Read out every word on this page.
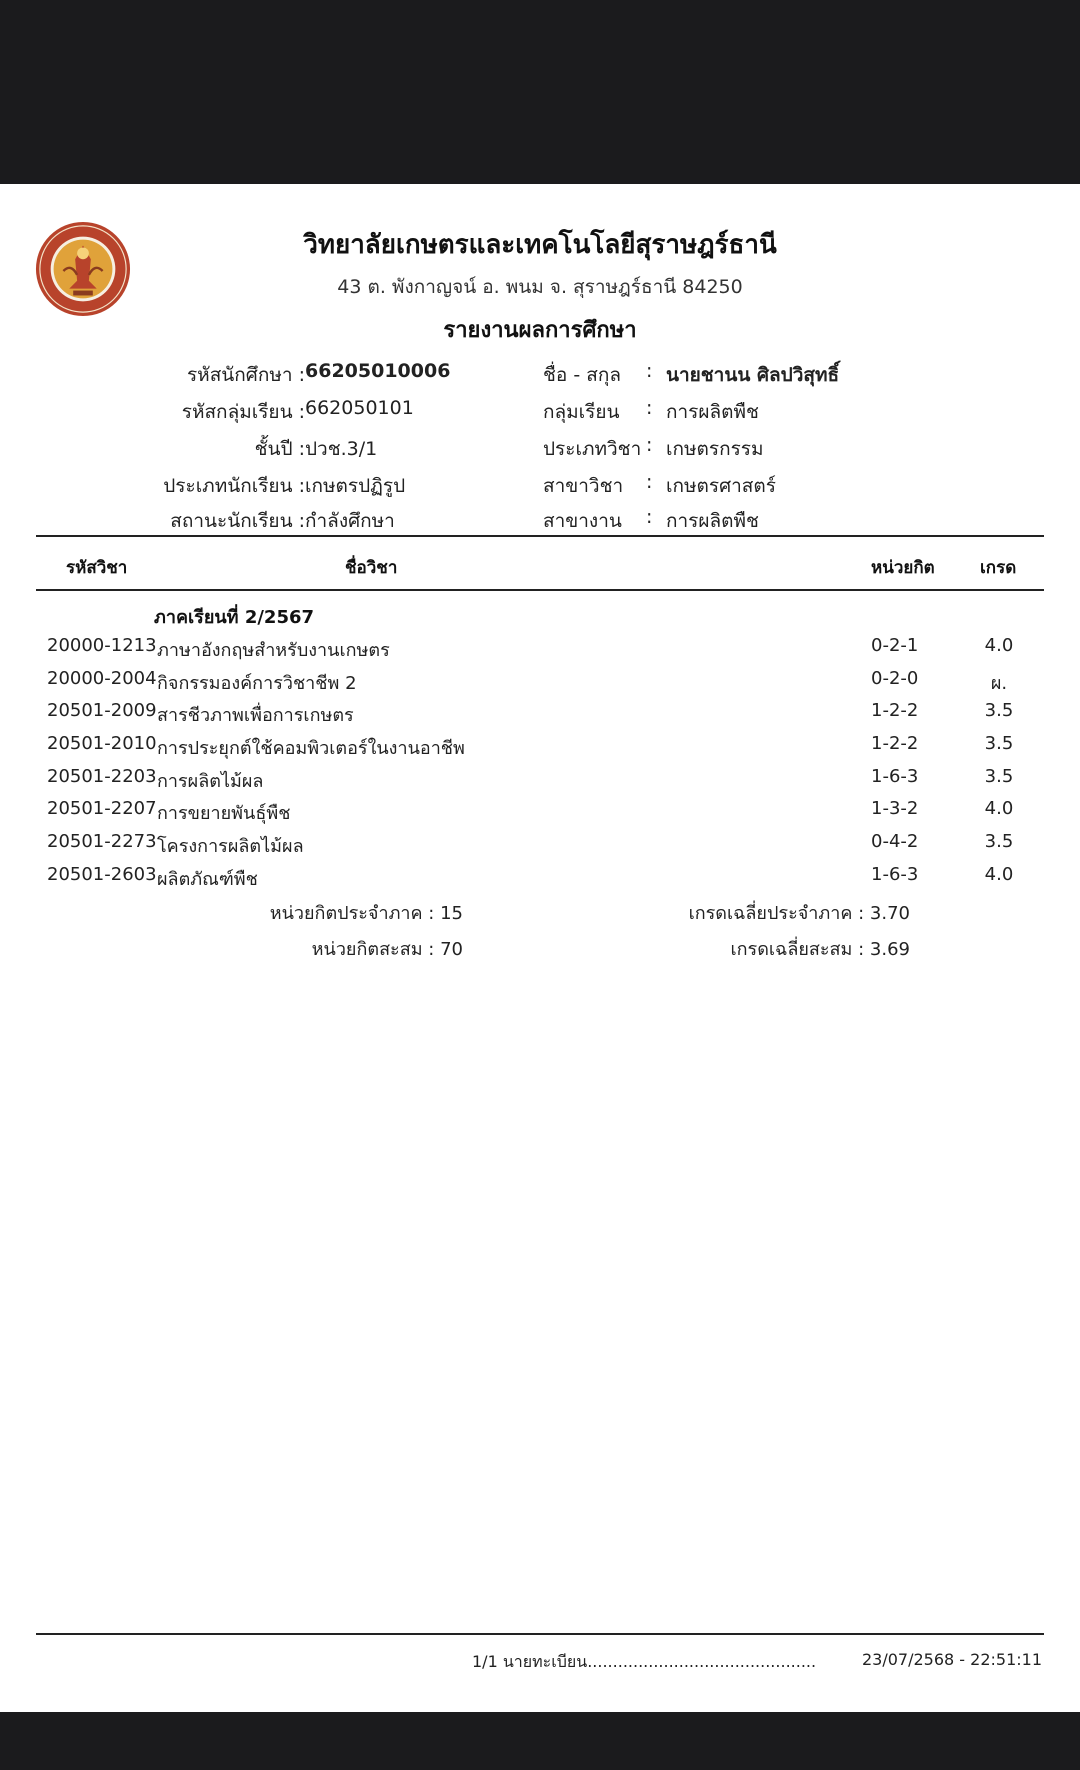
วิทยาลัยเกษตรและเทคโนโลยีสุราษฎร์ธานี
43 ต. พังกาญจน์ อ. พนม จ. สุราษฎร์ธานี 84250
รายงานผลการศึกษา
รหัสนักศึกษา : 66205010006
รหัสกลุ่มเรียน : 662050101
ชั้นปี : ปวช.3/1
ประเภทนักเรียน : เกษตรปฏิรูป
สถานะนักเรียน : กำลังศึกษา
ชื่อ - สกุล : นายชานน ศิลปวิสุทธิ์
กลุ่มเรียน : การผลิตพืช
ประเภทวิชา : เกษตรกรรม
สาขาวิชา : เกษตรศาสตร์
สาขางาน : การผลิตพืช
รหัสวิชา	ชื่อวิชา	หน่วยกิต	เกรด
ภาคเรียนที่ 2/2567
20000-1213 ภาษาอังกฤษสำหรับงานเกษตร	0-2-1	4.0
20000-2004 กิจกรรมองค์การวิชาชีพ 2	0-2-0	ผ.
20501-2009 สารชีวภาพเพื่อการเกษตร	1-2-2	3.5
20501-2010 การประยุกต์ใช้คอมพิวเตอร์ในงานอาชีพ	1-2-2	3.5
20501-2203 การผลิตไม้ผล	1-6-3	3.5
20501-2207 การขยายพันธุ์พืช	1-3-2	4.0
20501-2273 โครงการผลิตไม้ผล	0-4-2	3.5
20501-2603 ผลิตภัณฑ์พืช	1-6-3	4.0
หน่วยกิตประจำภาค : 15	เกรดเฉลี่ยประจำภาค : 3.70
หน่วยกิตสะสม : 70	เกรดเฉลี่ยสะสม : 3.69
1/1 นายทะเบียน.............................................	23/07/2568 - 22:51:11
